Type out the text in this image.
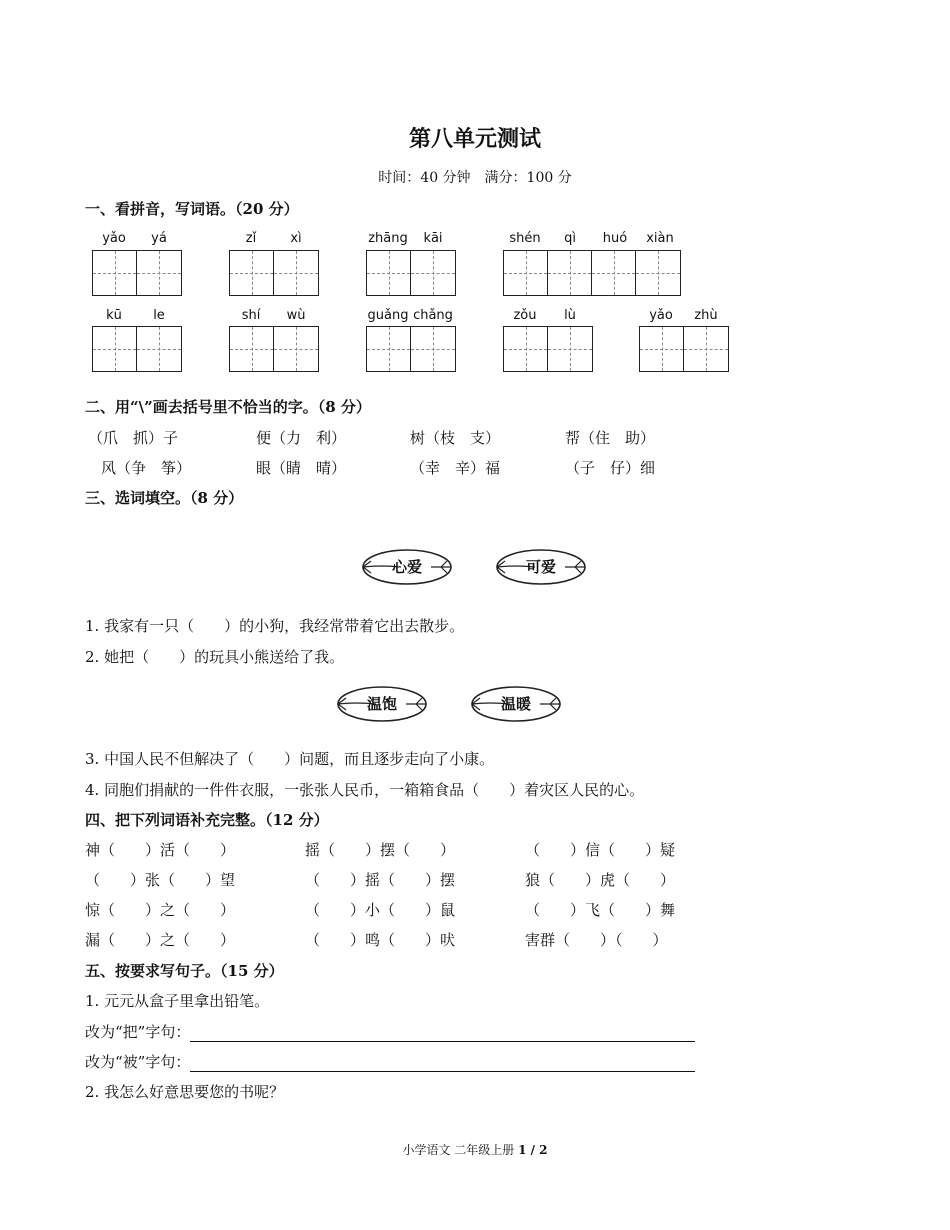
第八单元测试
时间：40 分钟　满分：100 分
一、看拼音，写词语。（20 分）
yǎo	yá	zǐ	xì	zhāng	kāi	shén	qì	huó	xiàn
kū	le	shí	wù	guǎng chǎng	zǒu	lù	yǎo	zhù
二、用“\”画去括号里不恰当的字。（8 分）
（爪　抓）子	便（力　利）	树（枝　支）	帮（住　助）
风（争　筝）	眼（睛　晴）	（幸　辛）福	（子　仔）细
三、选词填空。（8 分）
心爱	可爱
1. 我家有一只（　　）的小狗，我经常带着它出去散步。
2. 她把（　　）的玩具小熊送给了我。
温饱	温暖
3. 中国人民不但解决了（　　）问题，而且逐步走向了小康。
4. 同胞们捐献的一件件衣服，一张张人民币，一箱箱食品（　　）着灾区人民的心。
四、把下列词语补充完整。（12 分）
神（　　）活（　　）	摇（　　）摆（　　）	（　　）信（　　）疑
（　　）张（　　）望	（　　）摇（　　）摆	狼（　　）虎（　　）
惊（　　）之（　　）	（　　）小（　　）鼠	（　　）飞（　　）舞
漏（　　）之（　　）	（　　）鸣（　　）吠	害群（　　）（　　）
五、按要求写句子。（15 分）
1. 元元从盒子里拿出铅笔。
改为“把”字句：
改为“被”字句：
2. 我怎么好意思要您的书呢？
小学语文 二年级上册 1 / 2
